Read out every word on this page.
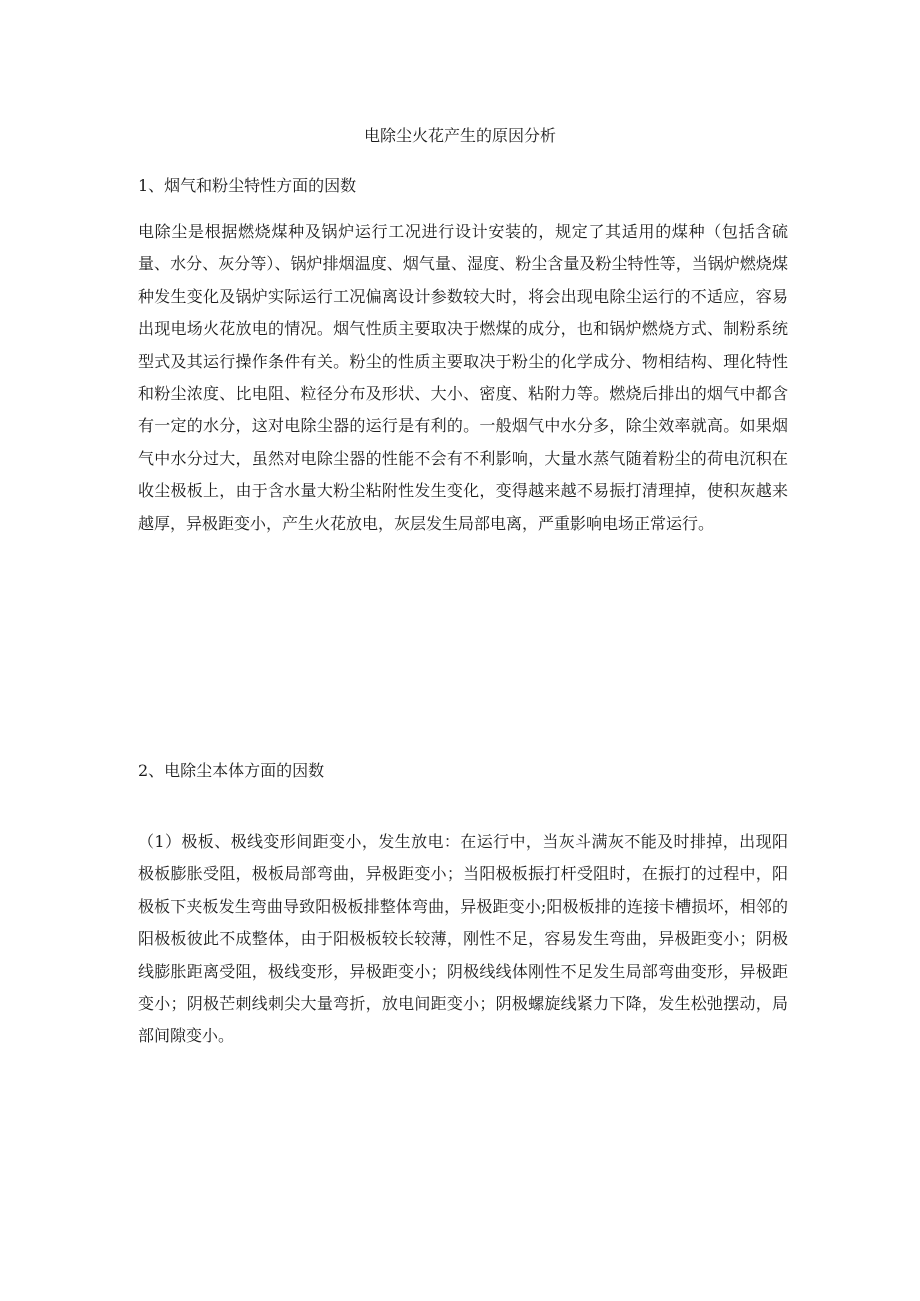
电除尘火花产生的原因分析
1、烟气和粉尘特性方面的因数

电除尘是根据燃烧煤种及锅炉运行工况进行设计安装的，规定了其适用的煤种（包括含硫量、水分、灰分等）、锅炉排烟温度、烟气量、湿度、粉尘含量及粉尘特性等，当锅炉燃烧煤种发生变化及锅炉实际运行工况偏离设计参数较大时，将会出现电除尘运行的不适应，容易出现电场火花放电的情况。烟气性质主要取决于燃煤的成分，也和锅炉燃烧方式、制粉系统型式及其运行操作条件有关。粉尘的性质主要取决于粉尘的化学成分、物相结构、理化特性和粉尘浓度、比电阻、粒径分布及形状、大小、密度、粘附力等。燃烧后排出的烟气中都含有一定的水分，这对电除尘器的运行是有利的。一般烟气中水分多，除尘效率就高。如果烟气中水分过大，虽然对电除尘器的性能不会有不利影响，大量水蒸气随着粉尘的荷电沉积在收尘极板上，由于含水量大粉尘粘附性发生变化，变得越来越不易振打清理掉，使积灰越来越厚，异极距变小，产生火花放电，灰层发生局部电离，严重影响电场正常运行。

2、电除尘本体方面的因数

（1）极板、极线变形间距变小，发生放电：在运行中，当灰斗满灰不能及时排掉，出现阳极板膨胀受阻，极板局部弯曲，异极距变小；当阳极板振打杆受阻时，在振打的过程中，阳极板下夹板发生弯曲导致阳极板排整体弯曲，异极距变小;阳极板排的连接卡槽损坏，相邻的阳极板彼此不成整体，由于阳极板较长较薄，刚性不足，容易发生弯曲，异极距变小；阴极线膨胀距离受阻，极线变形，异极距变小；阴极线线体刚性不足发生局部弯曲变形，异极距变小；阴极芒刺线刺尖大量弯折，放电间距变小；阴极螺旋线紧力下降，发生松弛摆动，局部间隙变小。
